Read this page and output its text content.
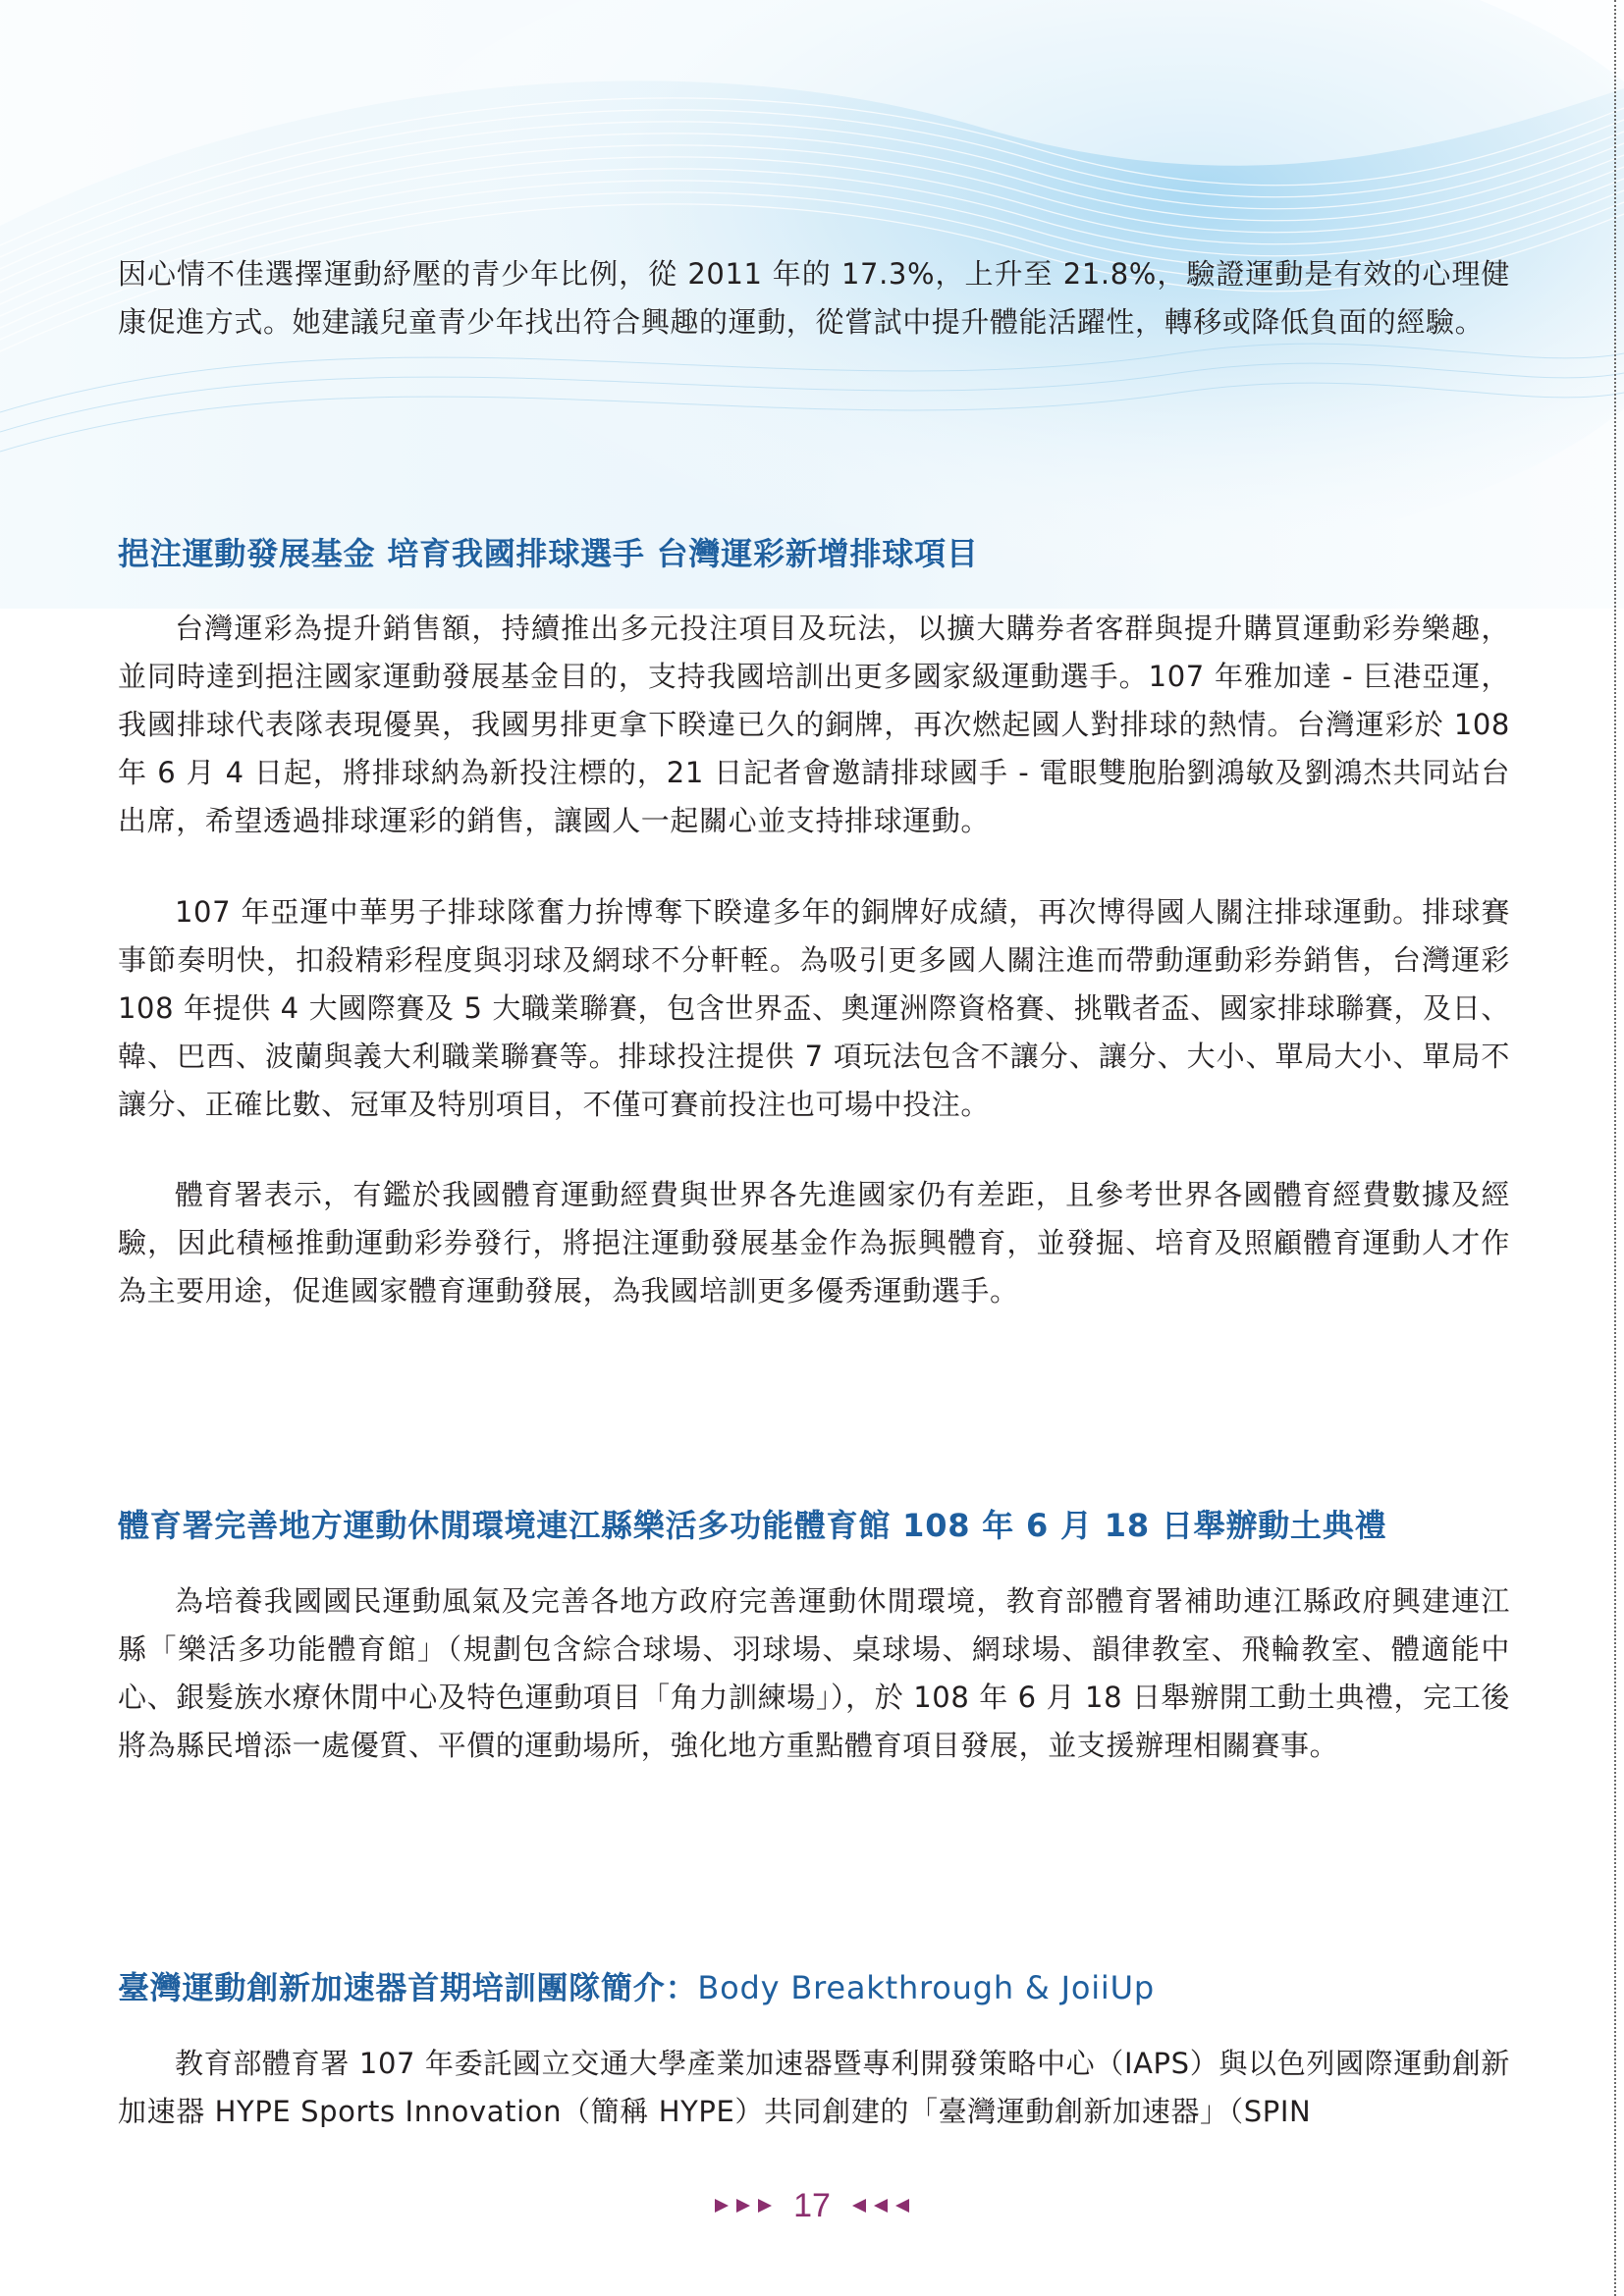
因心情不佳選擇運動紓壓的青少年比例，從 2011 年的 17.3%，上升至 21.8%，驗證運動是有效的心理健康促進方式。她建議兒童青少年找出符合興趣的運動，從嘗試中提升體能活躍性，轉移或降低負面的經驗。

挹注運動發展基金 培育我國排球選手 台灣運彩新增排球項目

台灣運彩為提升銷售額，持續推出多元投注項目及玩法，以擴大購券者客群與提升購買運動彩券樂趣，並同時達到挹注國家運動發展基金目的，支持我國培訓出更多國家級運動選手。107 年雅加達 - 巨港亞運，我國排球代表隊表現優異，我國男排更拿下睽違已久的銅牌，再次燃起國人對排球的熱情。台灣運彩於 108 年 6 月 4 日起，將排球納為新投注標的，21 日記者會邀請排球國手 - 電眼雙胞胎劉鴻敏及劉鴻杰共同站台出席，希望透過排球運彩的銷售，讓國人一起關心並支持排球運動。

107 年亞運中華男子排球隊奮力拚博奪下睽違多年的銅牌好成績，再次博得國人關注排球運動。排球賽事節奏明快，扣殺精彩程度與羽球及網球不分軒輊。為吸引更多國人關注進而帶動運動彩券銷售，台灣運彩 108 年提供 4 大國際賽及 5 大職業聯賽，包含世界盃、奧運洲際資格賽、挑戰者盃、國家排球聯賽，及日、韓、巴西、波蘭與義大利職業聯賽等。排球投注提供 7 項玩法包含不讓分、讓分、大小、單局大小、單局不讓分、正確比數、冠軍及特別項目，不僅可賽前投注也可場中投注。

體育署表示，有鑑於我國體育運動經費與世界各先進國家仍有差距，且參考世界各國體育經費數據及經驗，因此積極推動運動彩券發行，將挹注運動發展基金作為振興體育，並發掘、培育及照顧體育運動人才作為主要用途，促進國家體育運動發展，為我國培訓更多優秀運動選手。

體育署完善地方運動休閒環境連江縣樂活多功能體育館 108 年 6 月 18 日舉辦動土典禮

為培養我國國民運動風氣及完善各地方政府完善運動休閒環境，教育部體育署補助連江縣政府興建連江縣「樂活多功能體育館」（規劃包含綜合球場、羽球場、桌球場、網球場、韻律教室、飛輪教室、體適能中心、銀髮族水療休閒中心及特色運動項目「角力訓練場」），於 108 年 6 月 18 日舉辦開工動土典禮，完工後將為縣民增添一處優質、平價的運動場所，強化地方重點體育項目發展，並支援辦理相關賽事。

臺灣運動創新加速器首期培訓團隊簡介：Body Breakthrough & JoiiUp

教育部體育署 107 年委託國立交通大學產業加速器暨專利開發策略中心（IAPS）與以色列國際運動創新加速器 HYPE Sports Innovation（簡稱 HYPE）共同創建的「臺灣運動創新加速器」（SPIN

17
